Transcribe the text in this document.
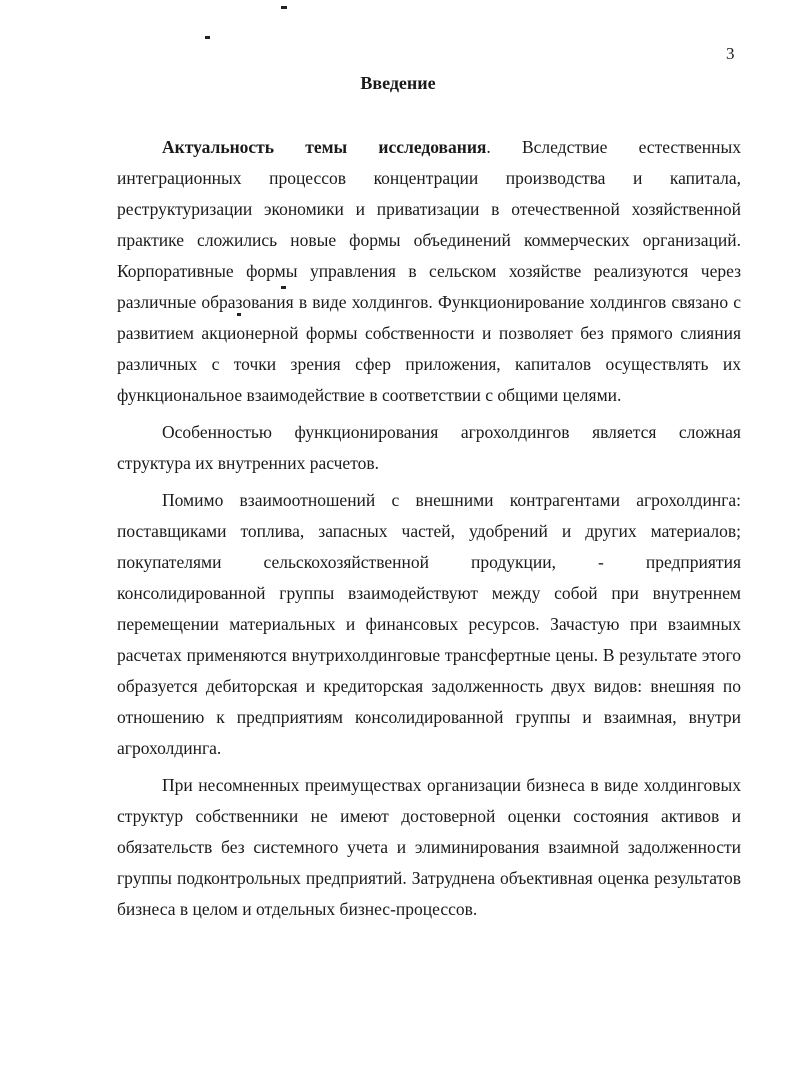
3
Введение

Актуальность темы исследования. Вследствие естественных интеграционных процессов концентрации производства и капитала, реструктуризации экономики и приватизации в отечественной хозяйственной практике сложились новые формы объединений коммерческих организаций. Корпоративные формы управления в сельском хозяйстве реализуются через различные образования в виде холдингов. Функционирование холдингов связано с развитием акционерной формы собственности и позволяет без прямого слияния различных с точки зрения сфер приложения, капиталов осуществлять их функциональное взаимодействие в соответствии с общими целями.

Особенностью функционирования агрохолдингов является сложная структура их внутренних расчетов.

Помимо взаимоотношений с внешними контрагентами агрохолдинга: поставщиками топлива, запасных частей, удобрений и других материалов; покупателями сельскохозяйственной продукции, - предприятия консолидированной группы взаимодействуют между собой при внутреннем перемещении материальных и финансовых ресурсов. Зачастую при взаимных расчетах применяются внутрихолдинговые трансфертные цены. В результате этого образуется дебиторская и кредиторская задолженность двух видов: внешняя по отношению к предприятиям консолидированной группы и взаимная, внутри агрохолдинга.

При несомненных преимуществах организации бизнеса в виде холдинговых структур собственники не имеют достоверной оценки состояния активов и обязательств без системного учета и элиминирования взаимной задолженности группы подконтрольных предприятий. Затруднена объективная оценка результатов бизнеса в целом и отдельных бизнес-процессов.
